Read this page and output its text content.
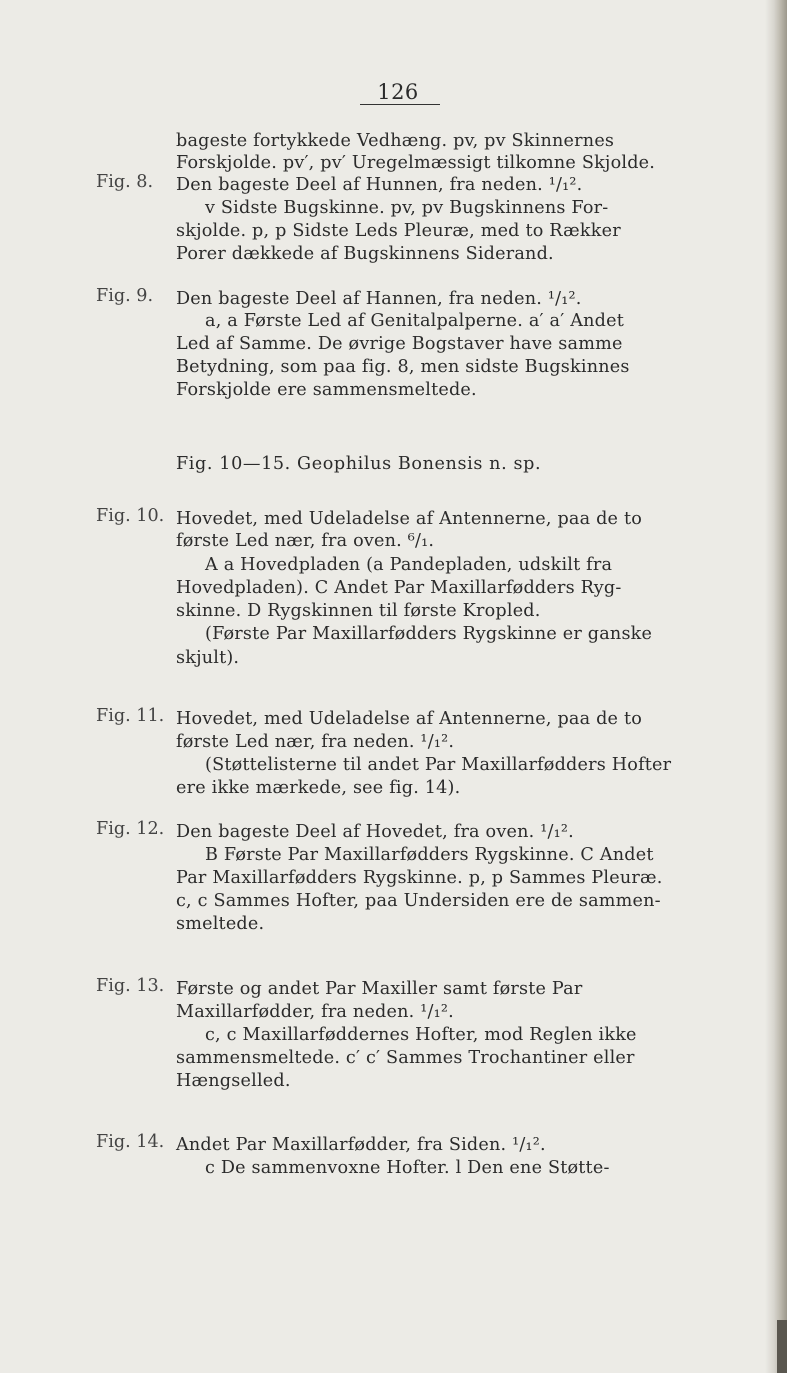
126
Fig. 8.
Fig. 9.
Fig. 10.
Fig. 11.
Fig. 12.
Fig. 13.
Fig. 14.
bageste fortykkede Vedhæng. pv, pv Skinnernes
Forskjolde. pv′, pv′ Uregelmæssigt tilkomne Skjolde.
Den bageste Deel af Hunnen, fra neden. ¹/₁².
v Sidste Bugskinne. pv, pv Bugskinnens For-
skjolde. p, p Sidste Leds Pleuræ, med to Rækker
Porer dækkede af Bugskinnens Siderand.
Den bageste Deel af Hannen, fra neden. ¹/₁².
a, a Første Led af Genitalpalperne. a′ a′ Andet
Led af Samme. De øvrige Bogstaver have samme
Betydning, som paa fig. 8, men sidste Bugskinnes
Forskjolde ere sammensmeltede.
Fig. 10—15. Geophilus Bonensis n. sp.
Hovedet, med Udeladelse af Antennerne, paa de to
første Led nær, fra oven. ⁶/₁.
A a Hovedpladen (a Pandepladen, udskilt fra
Hovedpladen). C Andet Par Maxillarfødders Ryg-
skinne. D Rygskinnen til første Kropled.
(Første Par Maxillarfødders Rygskinne er ganske
skjult).
Hovedet, med Udeladelse af Antennerne, paa de to
første Led nær, fra neden. ¹/₁².
(Støttelisterne til andet Par Maxillarfødders Hofter
ere ikke mærkede, see fig. 14).
Den bageste Deel af Hovedet, fra oven. ¹/₁².
B Første Par Maxillarfødders Rygskinne. C Andet
Par Maxillarfødders Rygskinne. p, p Sammes Pleuræ.
c, c Sammes Hofter, paa Undersiden ere de sammen-
smeltede.
Første og andet Par Maxiller samt første Par
Maxillarfødder, fra neden. ¹/₁².
c, c Maxillarføddernes Hofter, mod Reglen ikke
sammensmeltede. c′ c′ Sammes Trochantiner eller
Hængselled.
Andet Par Maxillarfødder, fra Siden. ¹/₁².
c De sammenvoxne Hofter. l Den ene Støtte-
